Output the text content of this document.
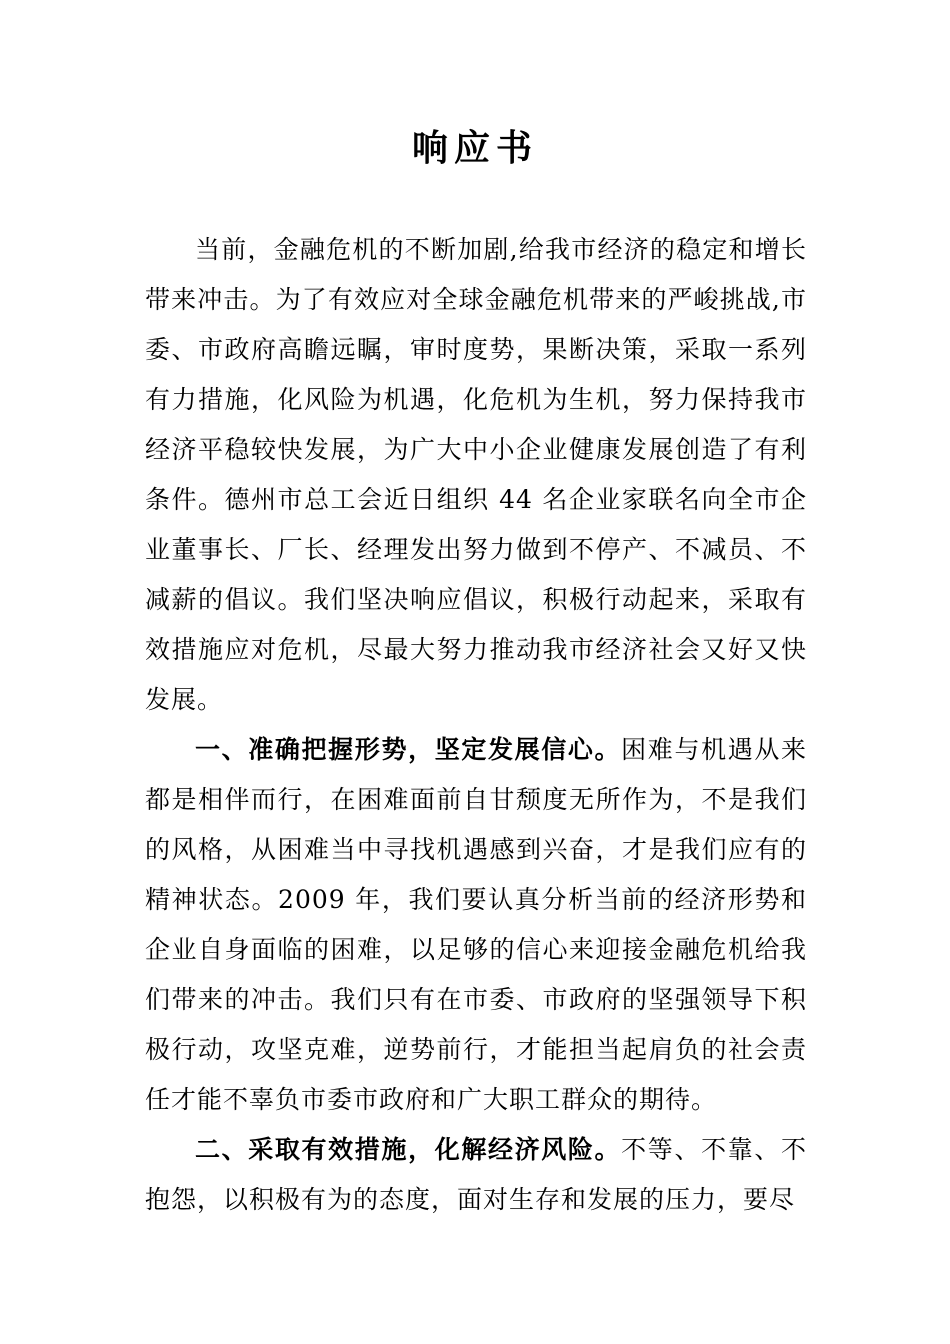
响应书

当前，金融危机的不断加剧,给我市经济的稳定和增长带来冲击。为了有效应对全球金融危机带来的严峻挑战,市委、市政府高瞻远瞩，审时度势，果断决策，采取一系列有力措施，化风险为机遇，化危机为生机，努力保持我市经济平稳较快发展，为广大中小企业健康发展创造了有利条件。德州市总工会近日组织 44 名企业家联名向全市企业董事长、厂长、经理发出努力做到不停产、不减员、不减薪的倡议。我们坚决响应倡议，积极行动起来，采取有效措施应对危机，尽最大努力推动我市经济社会又好又快发展。

一、准确把握形势，坚定发展信心。困难与机遇从来都是相伴而行，在困难面前自甘颓度无所作为，不是我们的风格，从困难当中寻找机遇感到兴奋，才是我们应有的精神状态。2009 年，我们要认真分析当前的经济形势和企业自身面临的困难，以足够的信心来迎接金融危机给我们带来的冲击。我们只有在市委、市政府的坚强领导下积极行动，攻坚克难，逆势前行，才能担当起肩负的社会责任才能不辜负市委市政府和广大职工群众的期待。

二、采取有效措施，化解经济风险。不等、不靠、不抱怨，以积极有为的态度，面对生存和发展的压力，要尽
